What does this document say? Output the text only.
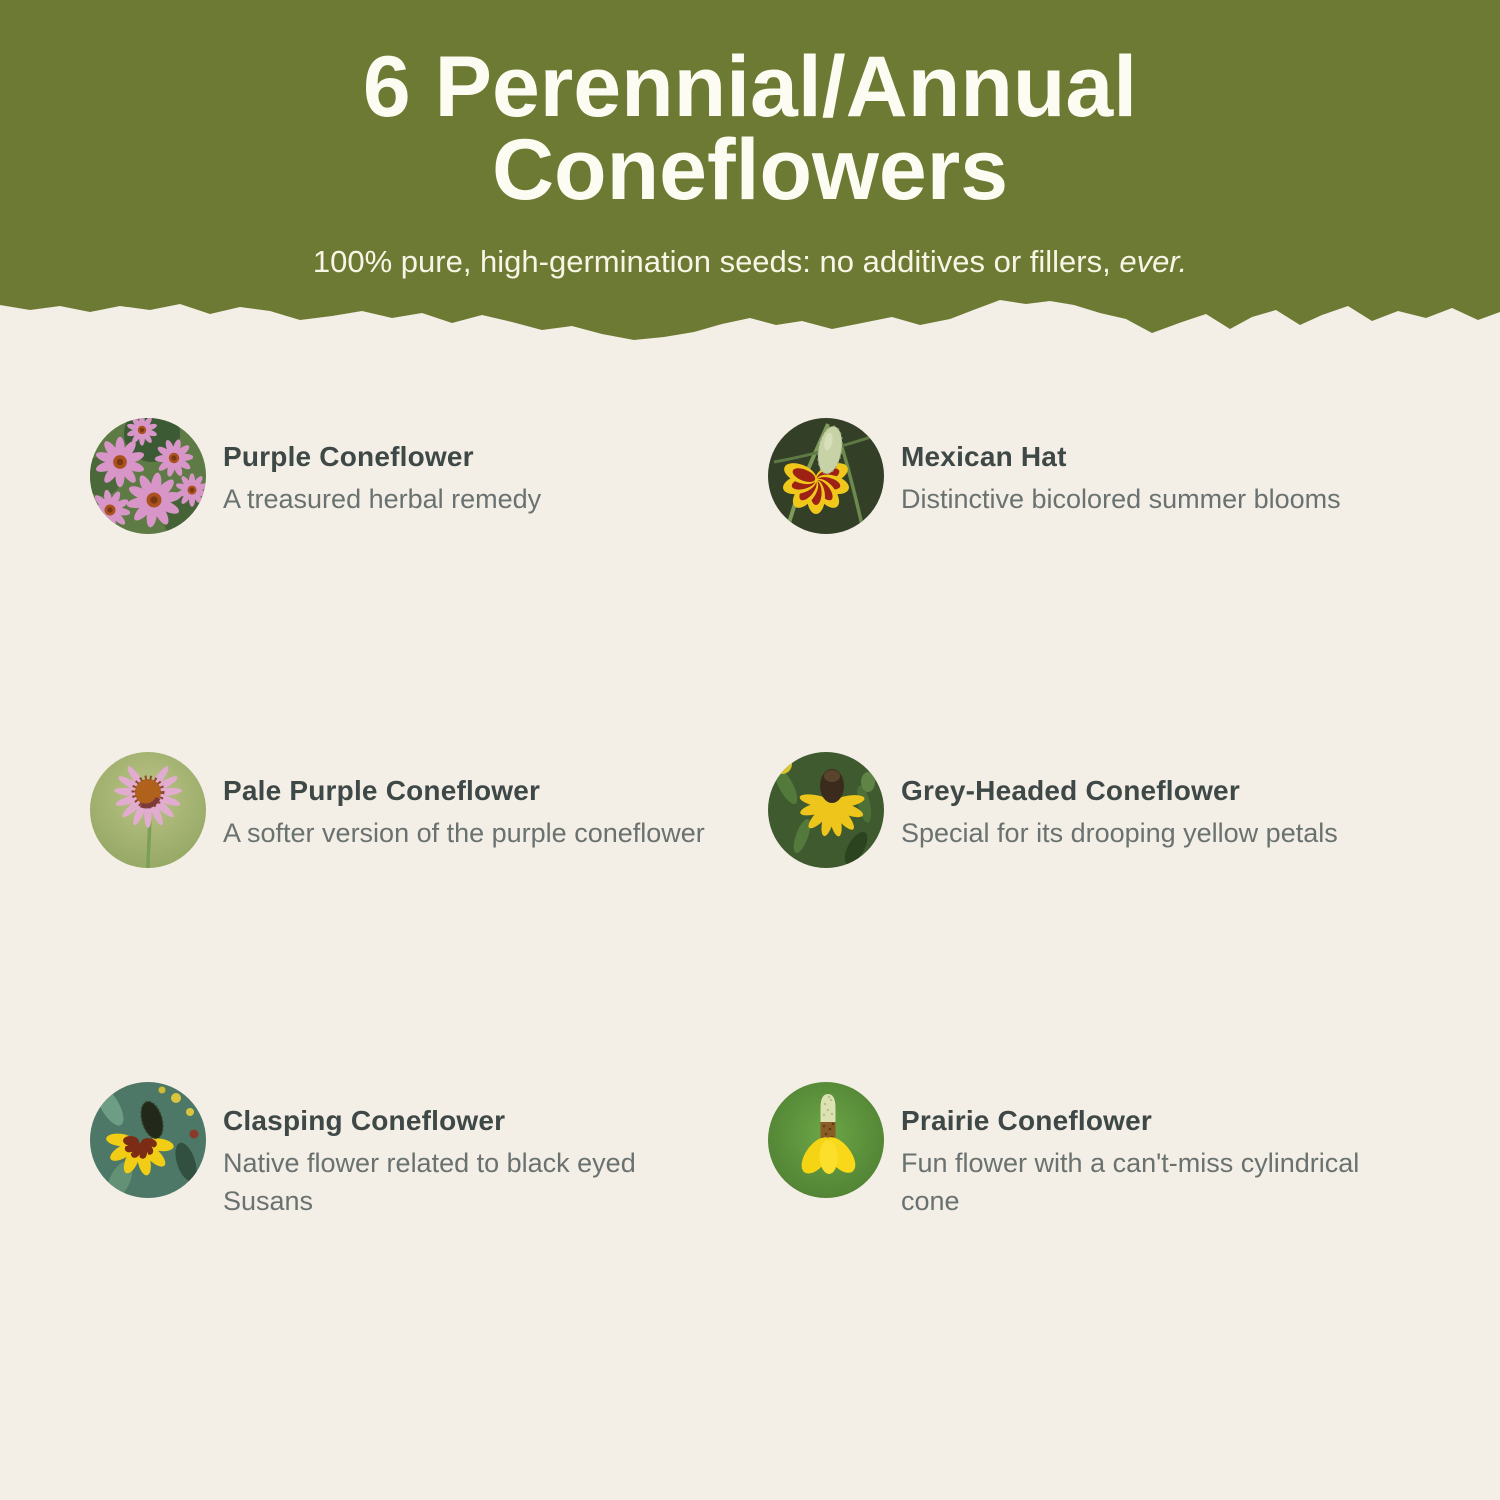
6 Perennial/Annual
Coneflowers

100% pure, high-germination seeds: no additives or fillers, ever.

Purple Coneflower

A treasured herbal remedy

Mexican Hat

Distinctive bicolored summer blooms

Pale Purple Coneflower

A softer version of the purple coneflower

Grey-Headed Coneflower

Special for its drooping yellow petals

Clasping Coneflower

Native flower related to black eyed Susans

Prairie Coneflower

Fun flower with a can't-miss cylindrical cone
